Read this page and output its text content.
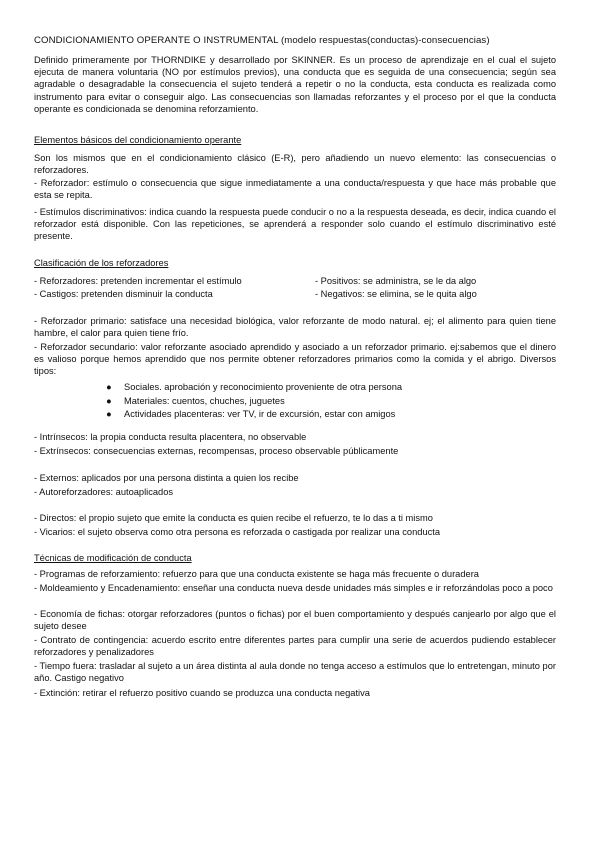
CONDICIONAMIENTO OPERANTE O INSTRUMENTAL (modelo respuestas(conductas)-consecuencias)

Definido primeramente por THORNDIKE y desarrollado por SKINNER. Es un proceso de aprendizaje en el cual el sujeto ejecuta de manera voluntaria (NO por estímulos previos), una conducta que es seguida de una consecuencia; según sea agradable o desagradable la consecuencia el sujeto tenderá a repetir o no la conducta, esta conducta es realizada como instrumento para evitar o conseguir algo. Las consecuencias son llamadas reforzantes y el proceso por el que la conducta operante es condicionada se denomina reforzamiento.

Elementos básicos del condicionamiento operante

Son los mismos que en el condicionamiento clásico (E-R), pero añadiendo un nuevo elemento: las consecuencias o reforzadores.

- Reforzador: estímulo o consecuencia que sigue inmediatamente a una conducta/respuesta y que hace más probable que esta se repita.

- Estímulos discriminativos: indica cuando la respuesta puede conducir o no a la respuesta deseada, es decir, indica cuando el reforzador está disponible. Con las repeticiones, se aprenderá a responder solo cuando el estímulo discriminativo esté presente.

Clasificación de los reforzadores
- Reforzadores: pretenden incrementar el estímulo	- Positivos: se administra, se le da algo
- Castigos: pretenden disminuir la conducta	- Negativos: se elimina, se le quita algo

- Reforzador primario: satisface una necesidad biológica, valor reforzante de modo natural. ej; el alimento para quien tiene hambre, el calor para quien tiene frío.

- Reforzador secundario: valor reforzante asociado aprendido y asociado a un reforzador primario. ej:sabemos que el dinero es valioso porque hemos aprendido que nos permite obtener reforzadores primarios como la comida y el abrigo. Diversos tipos:

● Sociales. aprobación y reconocimiento proveniente de otra persona
● Materiales: cuentos, chuches, juguetes
● Actividades placenteras: ver TV, ir de excursión, estar con amigos
- Intrínsecos: la propia conducta resulta placentera, no observable
- Extrínsecos: consecuencias externas, recompensas, proceso observable públicamente
- Externos: aplicados por una persona distinta a quien los recibe
- Autoreforzadores: autoaplicados
- Directos: el propio sujeto que emite la conducta es quien recibe el refuerzo, te lo das a ti mismo
- Vicarios: el sujeto observa como otra persona es reforzada o castigada por realizar una conducta
Técnicas de modificación de conducta
- Programas de reforzamiento: refuerzo para que una conducta existente se haga más frecuente o duradera

- Moldeamiento y Encadenamiento: enseñar una conducta nueva desde unidades más simples e ir reforzándolas poco a poco

- Economía de fichas: otorgar reforzadores (puntos o fichas) por el buen comportamiento y después canjearlo por algo que el sujeto desee

- Contrato de contingencia: acuerdo escrito entre diferentes partes para cumplir una serie de acuerdos pudiendo establecer reforzadores y penalizadores

- Tiempo fuera: trasladar al sujeto a un área distinta al aula donde no tenga acceso a estímulos que lo entretengan, minuto por año. Castigo negativo

- Extinción: retirar el refuerzo positivo cuando se produzca una conducta negativa
